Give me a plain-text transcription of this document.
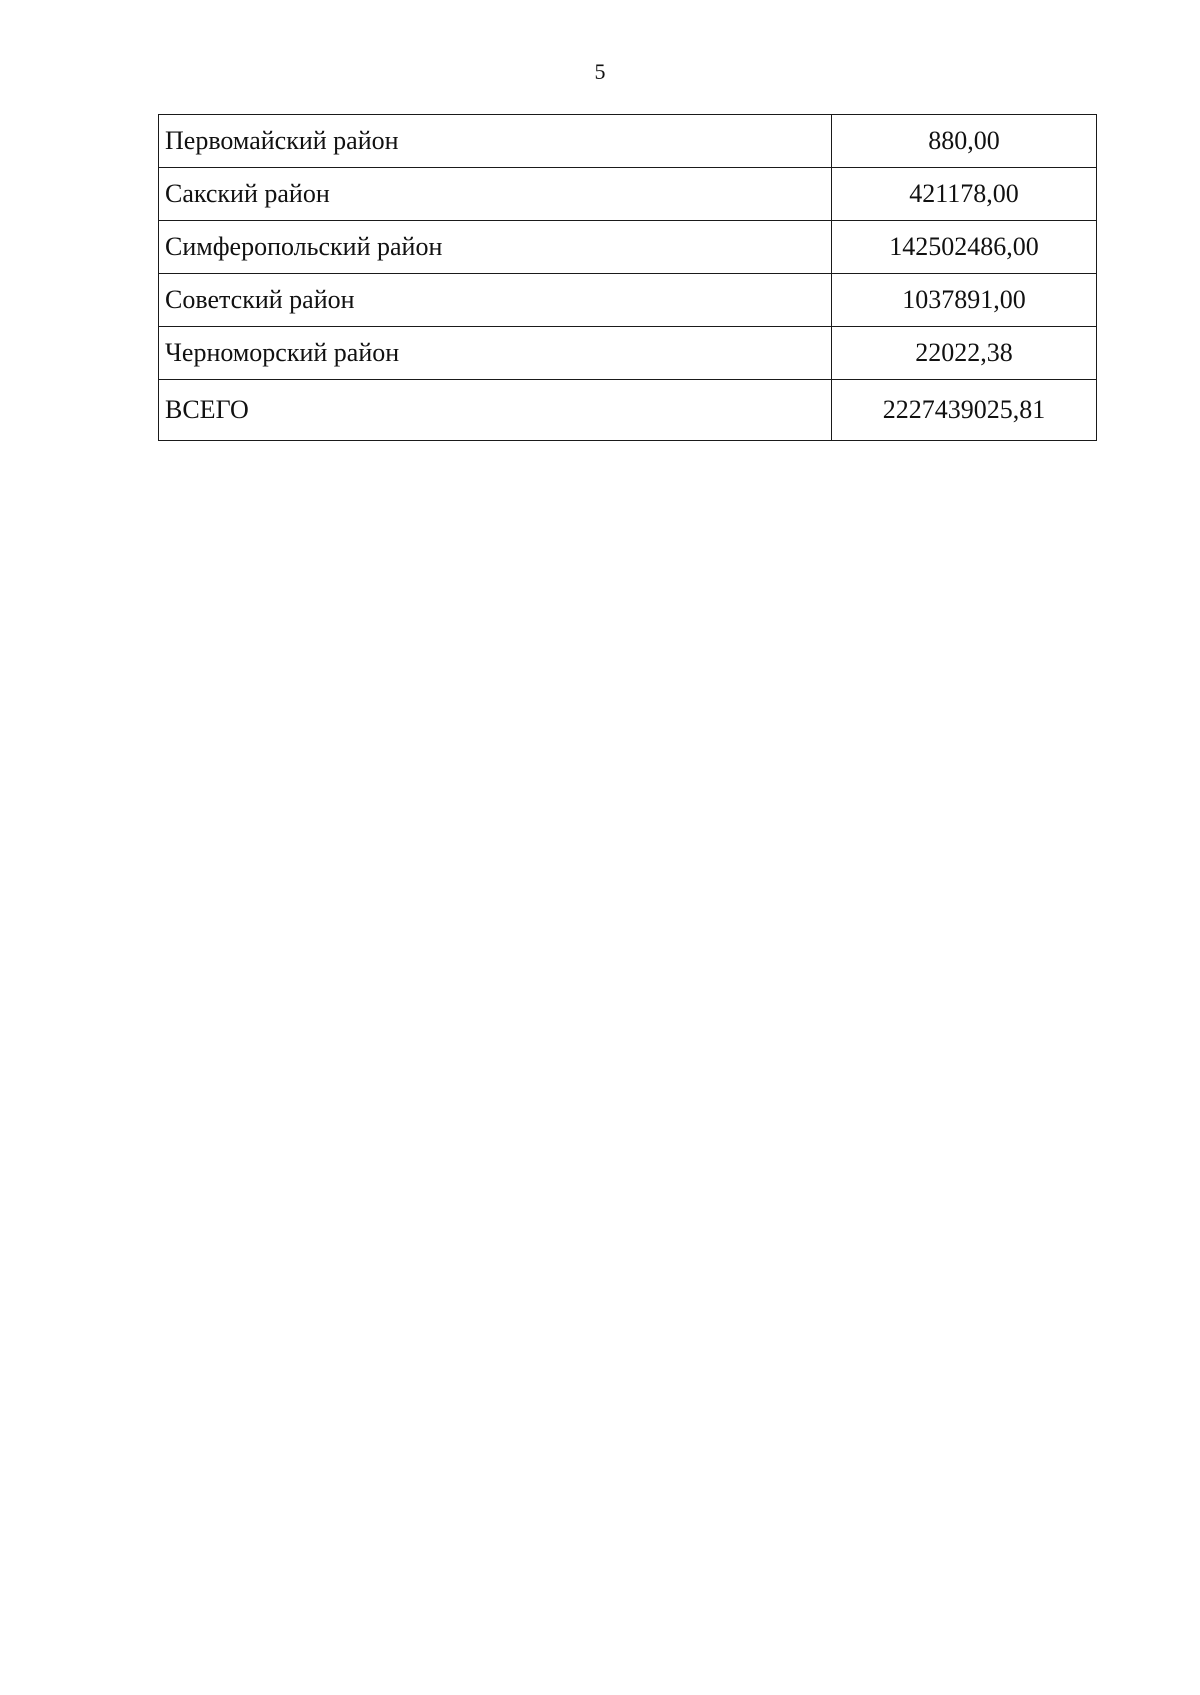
5
Первомайский район	880,00
Сакский район	421178,00
Симферопольский район	142502486,00
Советский район	1037891,00
Черноморский район	22022,38
ВСЕГО	2227439025,81
